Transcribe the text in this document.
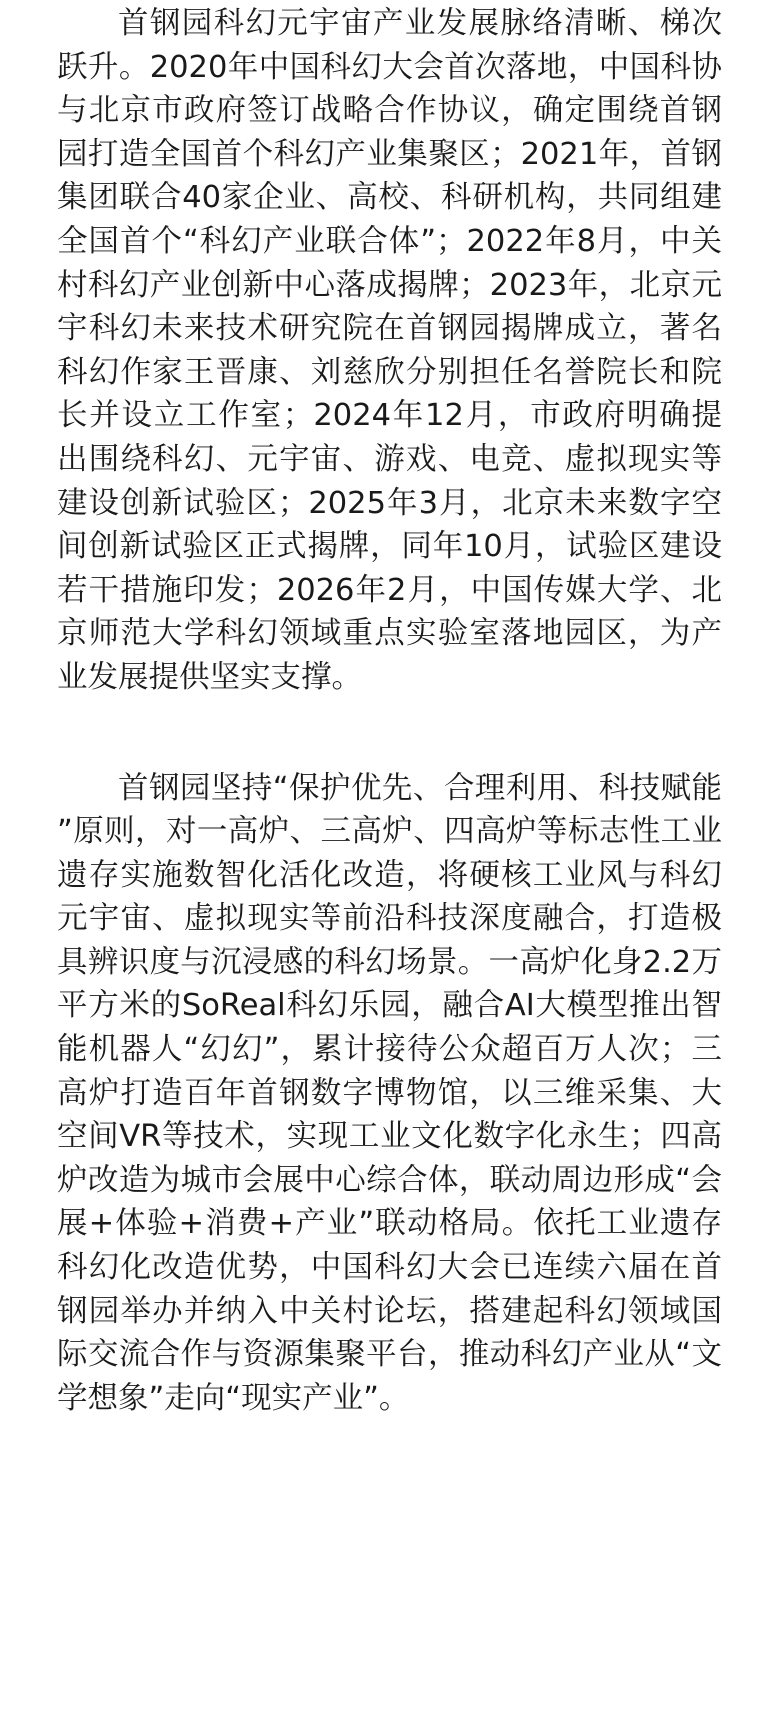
首钢园科幻元宇宙产业发展脉络清晰、梯次跃升。2020年中国科幻大会首次落地，中国科协与北京市政府签订战略合作协议，确定围绕首钢园打造全国首个科幻产业集聚区；2021年，首钢集团联合40家企业、高校、科研机构，共同组建全国首个“科幻产业联合体”；2022年8月，中关村科幻产业创新中心落成揭牌；2023年，北京元宇科幻未来技术研究院在首钢园揭牌成立，著名科幻作家王晋康、刘慈欣分别担任名誉院长和院长并设立工作室；2024年12月，市政府明确提出围绕科幻、元宇宙、游戏、电竞、虚拟现实等建设创新试验区；2025年3月，北京未来数字空间创新试验区正式揭牌，同年10月，试验区建设若干措施印发；2026年2月，中国传媒大学、北京师范大学科幻领域重点实验室落地园区，为产业发展提供坚实支撑。

首钢园坚持“保护优先、合理利用、科技赋能”原则，对一高炉、三高炉、四高炉等标志性工业遗存实施数智化活化改造，将硬核工业风与科幻元宇宙、虚拟现实等前沿科技深度融合，打造极具辨识度与沉浸感的科幻场景。一高炉化身2.2万平方米的SoReal科幻乐园，融合AI大模型推出智能机器人“幻幻”，累计接待公众超百万人次；三高炉打造百年首钢数字博物馆，以三维采集、大空间VR等技术，实现工业文化数字化永生；四高炉改造为城市会展中心综合体，联动周边形成“会展+体验+消费+产业”联动格局。依托工业遗存科幻化改造优势，中国科幻大会已连续六届在首钢园举办并纳入中关村论坛，搭建起科幻领域国际交流合作与资源集聚平台，推动科幻产业从“文学想象”走向“现实产业”。
